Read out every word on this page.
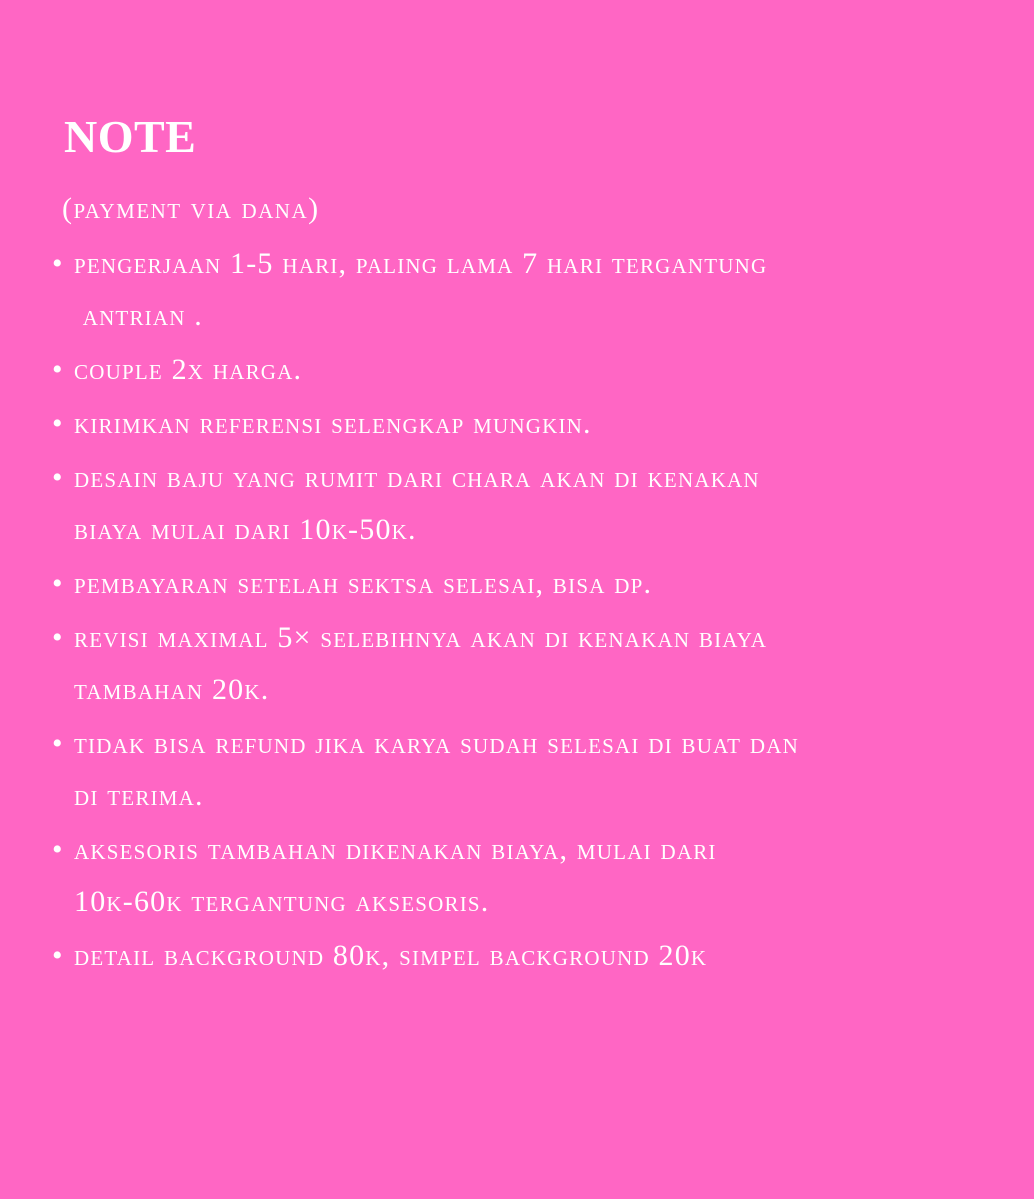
NOTE

(payment via dana)

• pengerjaan 1-5 hari, paling lama 7 hari tergantung
antrian .
• couple 2x harga.
• kirimkan referensi selengkap mungkin.
• desain baju yang rumit dari chara akan di kenakan
biaya mulai dari 10k-50k.
• pembayaran setelah sektsa selesai, bisa dp.
• revisi maximal 5× selebihnya akan di kenakan biaya
tambahan 20k.
• tidak bisa refund jika karya sudah selesai di buat dan
di terima.
• aksesoris tambahan dikenakan biaya, mulai dari
10k-60k tergantung aksesoris.
• detail background 80k, simpel background 20k
